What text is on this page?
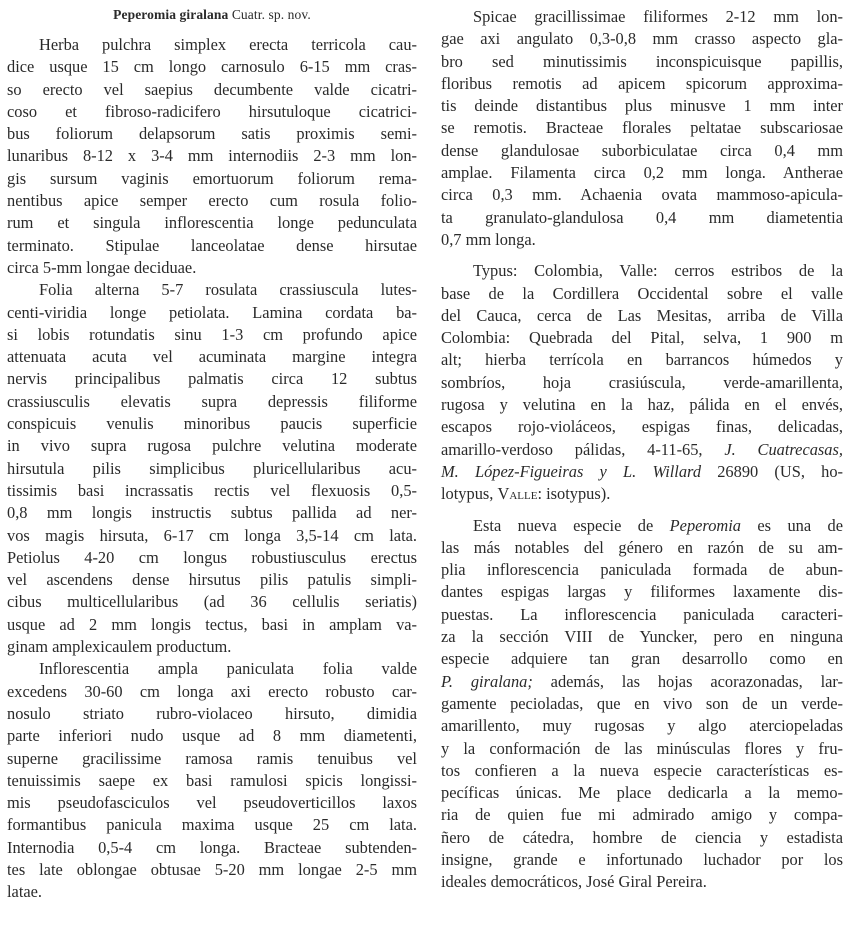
Peperomia giralana Cuatr. sp. nov.
Herba pulchra simplex erecta terricola cau-
dice usque 15 cm longo carnosulo 6-15 mm cras-
so erecto vel saepius decumbente valde cicatri-
coso et fibroso-radicifero hirsutuloque cicatrici-
bus foliorum delapsorum satis proximis semi-
lunaribus 8-12 x 3-4 mm internodiis 2-3 mm lon-
gis sursum vaginis emortuorum foliorum rema-
nentibus apice semper erecto cum rosula folio-
rum et singula inflorescentia longe pedunculata
terminato. Stipulae lanceolatae dense hirsutae
circa 5-mm longae deciduae.
Folia alterna 5-7 rosulata crassiuscula lutes-
centi-viridia longe petiolata. Lamina cordata ba-
si lobis rotundatis sinu 1-3 cm profundo apice
attenuata acuta vel acuminata margine integra
nervis principalibus palmatis circa 12 subtus
crassiusculis elevatis supra depressis filiforme
conspicuis venulis minoribus paucis superficie
in vivo supra rugosa pulchre velutina moderate
hirsutula pilis simplicibus pluricellularibus acu-
tissimis basi incrassatis rectis vel flexuosis 0,5-
0,8 mm longis instructis subtus pallida ad ner-
vos magis hirsuta, 6-17 cm longa 3,5-14 cm lata.
Petiolus 4-20 cm longus robustiusculus erectus
vel ascendens dense hirsutus pilis patulis simpli-
cibus multicellularibus (ad 36 cellulis seriatis)
usque ad 2 mm longis tectus, basi in amplam va-
ginam amplexicaulem productum.
Inflorescentia ampla paniculata folia valde
excedens 30-60 cm longa axi erecto robusto car-
nosulo striato rubro-violaceo hirsuto, dimidia
parte inferiori nudo usque ad 8 mm diametenti,
superne gracilissime ramosa ramis tenuibus vel
tenuissimis saepe ex basi ramulosi spicis longissi-
mis pseudofasciculos vel pseudoverticillos laxos
formantibus panicula maxima usque 25 cm lata.
Internodia 0,5-4 cm longa. Bracteae subtenden-
tes late oblongae obtusae 5-20 mm longae 2-5 mm
latae.
Spicae gracillissimae filiformes 2-12 mm lon-
gae axi angulato 0,3-0,8 mm crasso aspecto gla-
bro sed minutissimis inconspicuisque papillis,
floribus remotis ad apicem spicorum approxima-
tis deinde distantibus plus minusve 1 mm inter
se remotis. Bracteae florales peltatae subscariosae
dense glandulosae suborbiculatae circa 0,4 mm
amplae. Filamenta circa 0,2 mm longa. Antherae
circa 0,3 mm. Achaenia ovata mammoso-apicula-
ta granulato-glandulosa 0,4 mm diametentia
0,7 mm longa.
Typus: Colombia, Valle: cerros estribos de la
base de la Cordillera Occidental sobre el valle
del Cauca, cerca de Las Mesitas, arriba de Villa
Colombia: Quebrada del Pital, selva, 1 900 m
alt; hierba terrícola en barrancos húmedos y
sombríos, hoja crasiúscula, verde-amarillenta,
rugosa y velutina en la haz, pálida en el envés,
escapos rojo-violáceos, espigas finas, delicadas,
amarillo-verdoso pálidas, 4-11-65, J. Cuatrecasas,
M. López-Figueiras y L. Willard 26890 (US, ho-
lotypus, Valle: isotypus).
Esta nueva especie de Peperomia es una de
las más notables del género en razón de su am-
plia inflorescencia paniculada formada de abun-
dantes espigas largas y filiformes laxamente dis-
puestas. La inflorescencia paniculada caracteri-
za la sección VIII de Yuncker, pero en ninguna
especie adquiere tan gran desarrollo como en
P. giralana; además, las hojas acorazonadas, lar-
gamente pecioladas, que en vivo son de un verde-
amarillento, muy rugosas y algo aterciopeladas
y la conformación de las minúsculas flores y fru-
tos confieren a la nueva especie características es-
pecíficas únicas. Me place dedicarla a la memo-
ria de quien fue mi admirado amigo y compa-
ñero de cátedra, hombre de ciencia y estadista
insigne, grande e infortunado luchador por los
ideales democráticos, José Giral Pereira.
